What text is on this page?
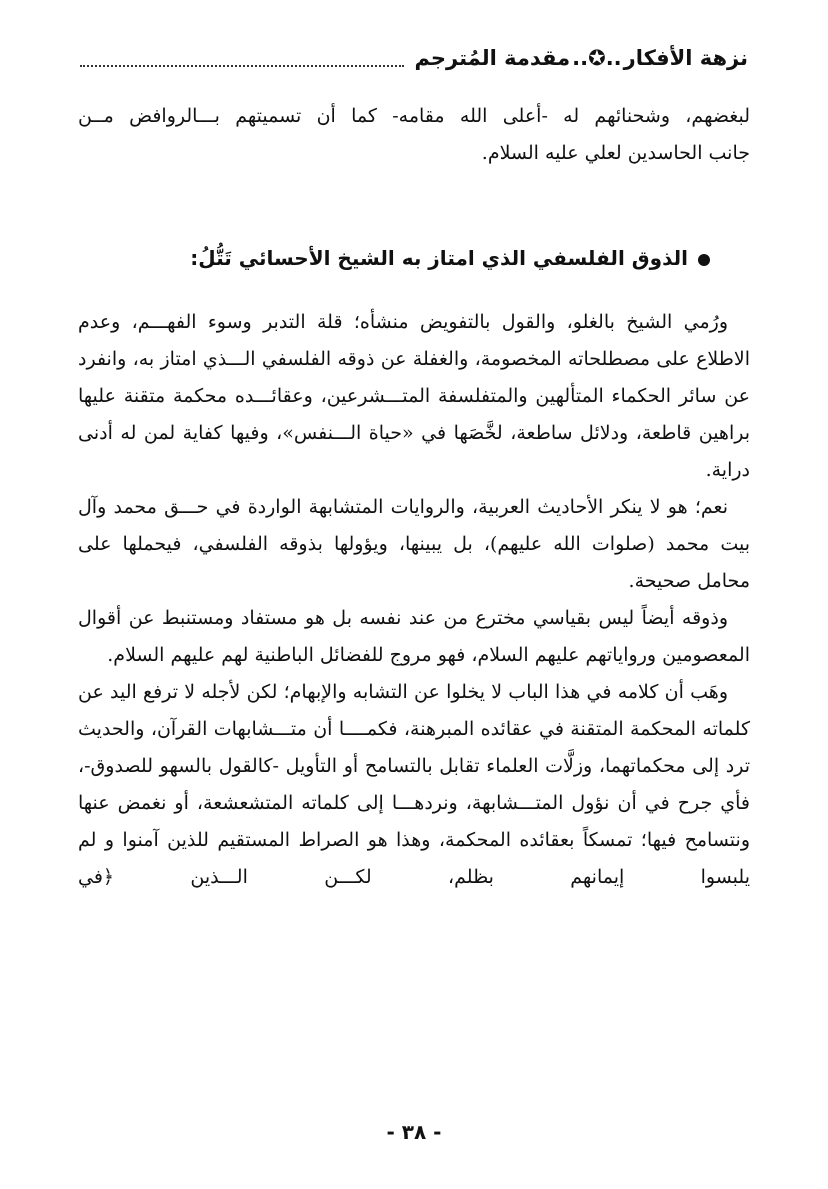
نزهة الأفكار..✪..مقدمة المُترجم

لبغضهم، وشحنائهم له -أعلى الله مقامه- كما أن تسميتهم بـــالروافض مــن

جانب الحاسدين لعلي عليه السلام.

الذوق الفلسفي الذي امتاز به الشيخ الأحسائي تَتُّلُ:

ورُمي الشيخ بالغلو، والقول بالتفويض منشأه؛ قلة التدبر وسوء الفهـــم، وعدم الاطلاع على مصطلحاته المخصومة، والغفلة عن ذوقه الفلسفي الـــذي امتاز به، وانفرد عن سائر الحكماء المتألهين والمتفلسفة المتـــشرعين، وعقائـــده محكمة متقنة عليها براهين قاطعة، ودلائل ساطعة، لخَّصَها في «حياة الـــنفس»، وفيها كفاية لمن له أدنى دراية.

نعم؛ هو لا ينكر الأحاديث العربية، والروايات المتشابهة الواردة في حـــق محمد وآل بيت محمد (صلوات الله عليهم)، بل يبينها، ويؤولها بذوقه الفلسفي، فيحملها على محامل صحيحة.

وذوقه أيضاً ليس بقياسي مخترع من عند نفسه بل هو مستفاد ومستنبط عن أقوال المعصومين ورواياتهم عليهم السلام، فهو مروج للفضائل الباطنية لهم عليهم السلام.

وهَب أن كلامه في هذا الباب لا يخلوا عن التشابه والإبهام؛ لكن لأجله لا ترفع اليد عن كلماته المحكمة المتقنة في عقائده المبرهنة، فكمــــا أن متـــشابهات القرآن، والحديث ترد إلى محكماتهما، وزلَّات العلماء تقابل بالتسامح أو التأويل -كالقول بالسهو للصدوق-، فأي جرح في أن نؤول المتـــشابهة، ونردهـــا إلى كلماته المتشعشعة، أو نغمض عنها ونتسامح فيها؛ تمسكاً بعقائده المحكمة، وهذا هو الصراط المستقيم للذين آمنوا و لم يلبسوا إيمانهم بظلم، لكـــن الـــذين ﴿في

- ٣٨ -
